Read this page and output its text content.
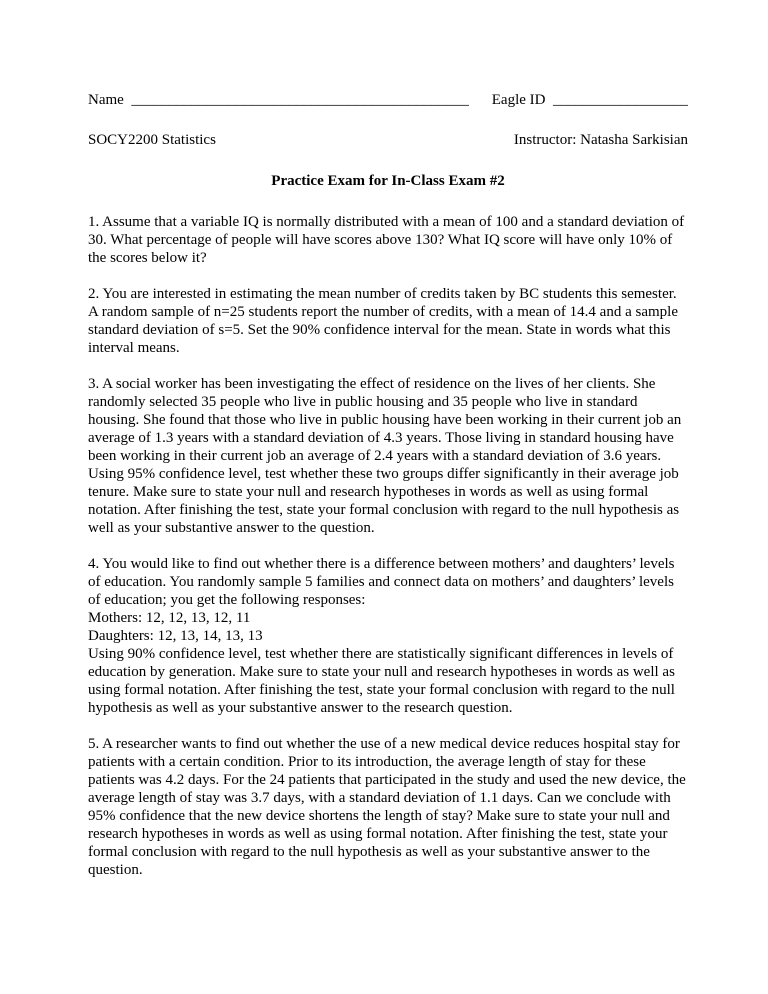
Name _____________________________________________ Eagle ID __________________
SOCY2200 Statistics	Instructor: Natasha Sarkisian
Practice Exam for In-Class Exam #2

1. Assume that a variable IQ is normally distributed with a mean of 100 and a standard deviation of 30. What percentage of people will have scores above 130? What IQ score will have only 10% of the scores below it?

2. You are interested in estimating the mean number of credits taken by BC students this semester. A random sample of n=25 students report the number of credits, with a mean of 14.4 and a sample standard deviation of s=5. Set the 90% confidence interval for the mean. State in words what this interval means.

3. A social worker has been investigating the effect of residence on the lives of her clients. She randomly selected 35 people who live in public housing and 35 people who live in standard housing. She found that those who live in public housing have been working in their current job an average of 1.3 years with a standard deviation of 4.3 years. Those living in standard housing have been working in their current job an average of 2.4 years with a standard deviation of 3.6 years. Using 95% confidence level, test whether these two groups differ significantly in their average job tenure. Make sure to state your null and research hypotheses in words as well as using formal notation. After finishing the test, state your formal conclusion with regard to the null hypothesis as well as your substantive answer to the question.

4. You would like to find out whether there is a difference between mothers’ and daughters’ levels of education. You randomly sample 5 families and connect data on mothers’ and daughters’ levels of education; you get the following responses:

Mothers: 12, 12, 13, 12, 11
Daughters: 12, 13, 14, 13, 13

Using 90% confidence level, test whether there are statistically significant differences in levels of education by generation. Make sure to state your null and research hypotheses in words as well as using formal notation. After finishing the test, state your formal conclusion with regard to the null hypothesis as well as your substantive answer to the research question.

5. A researcher wants to find out whether the use of a new medical device reduces hospital stay for patients with a certain condition. Prior to its introduction, the average length of stay for these patients was 4.2 days. For the 24 patients that participated in the study and used the new device, the average length of stay was 3.7 days, with a standard deviation of 1.1 days. Can we conclude with 95% confidence that the new device shortens the length of stay? Make sure to state your null and research hypotheses in words as well as using formal notation. After finishing the test, state your formal conclusion with regard to the null hypothesis as well as your substantive answer to the question.
